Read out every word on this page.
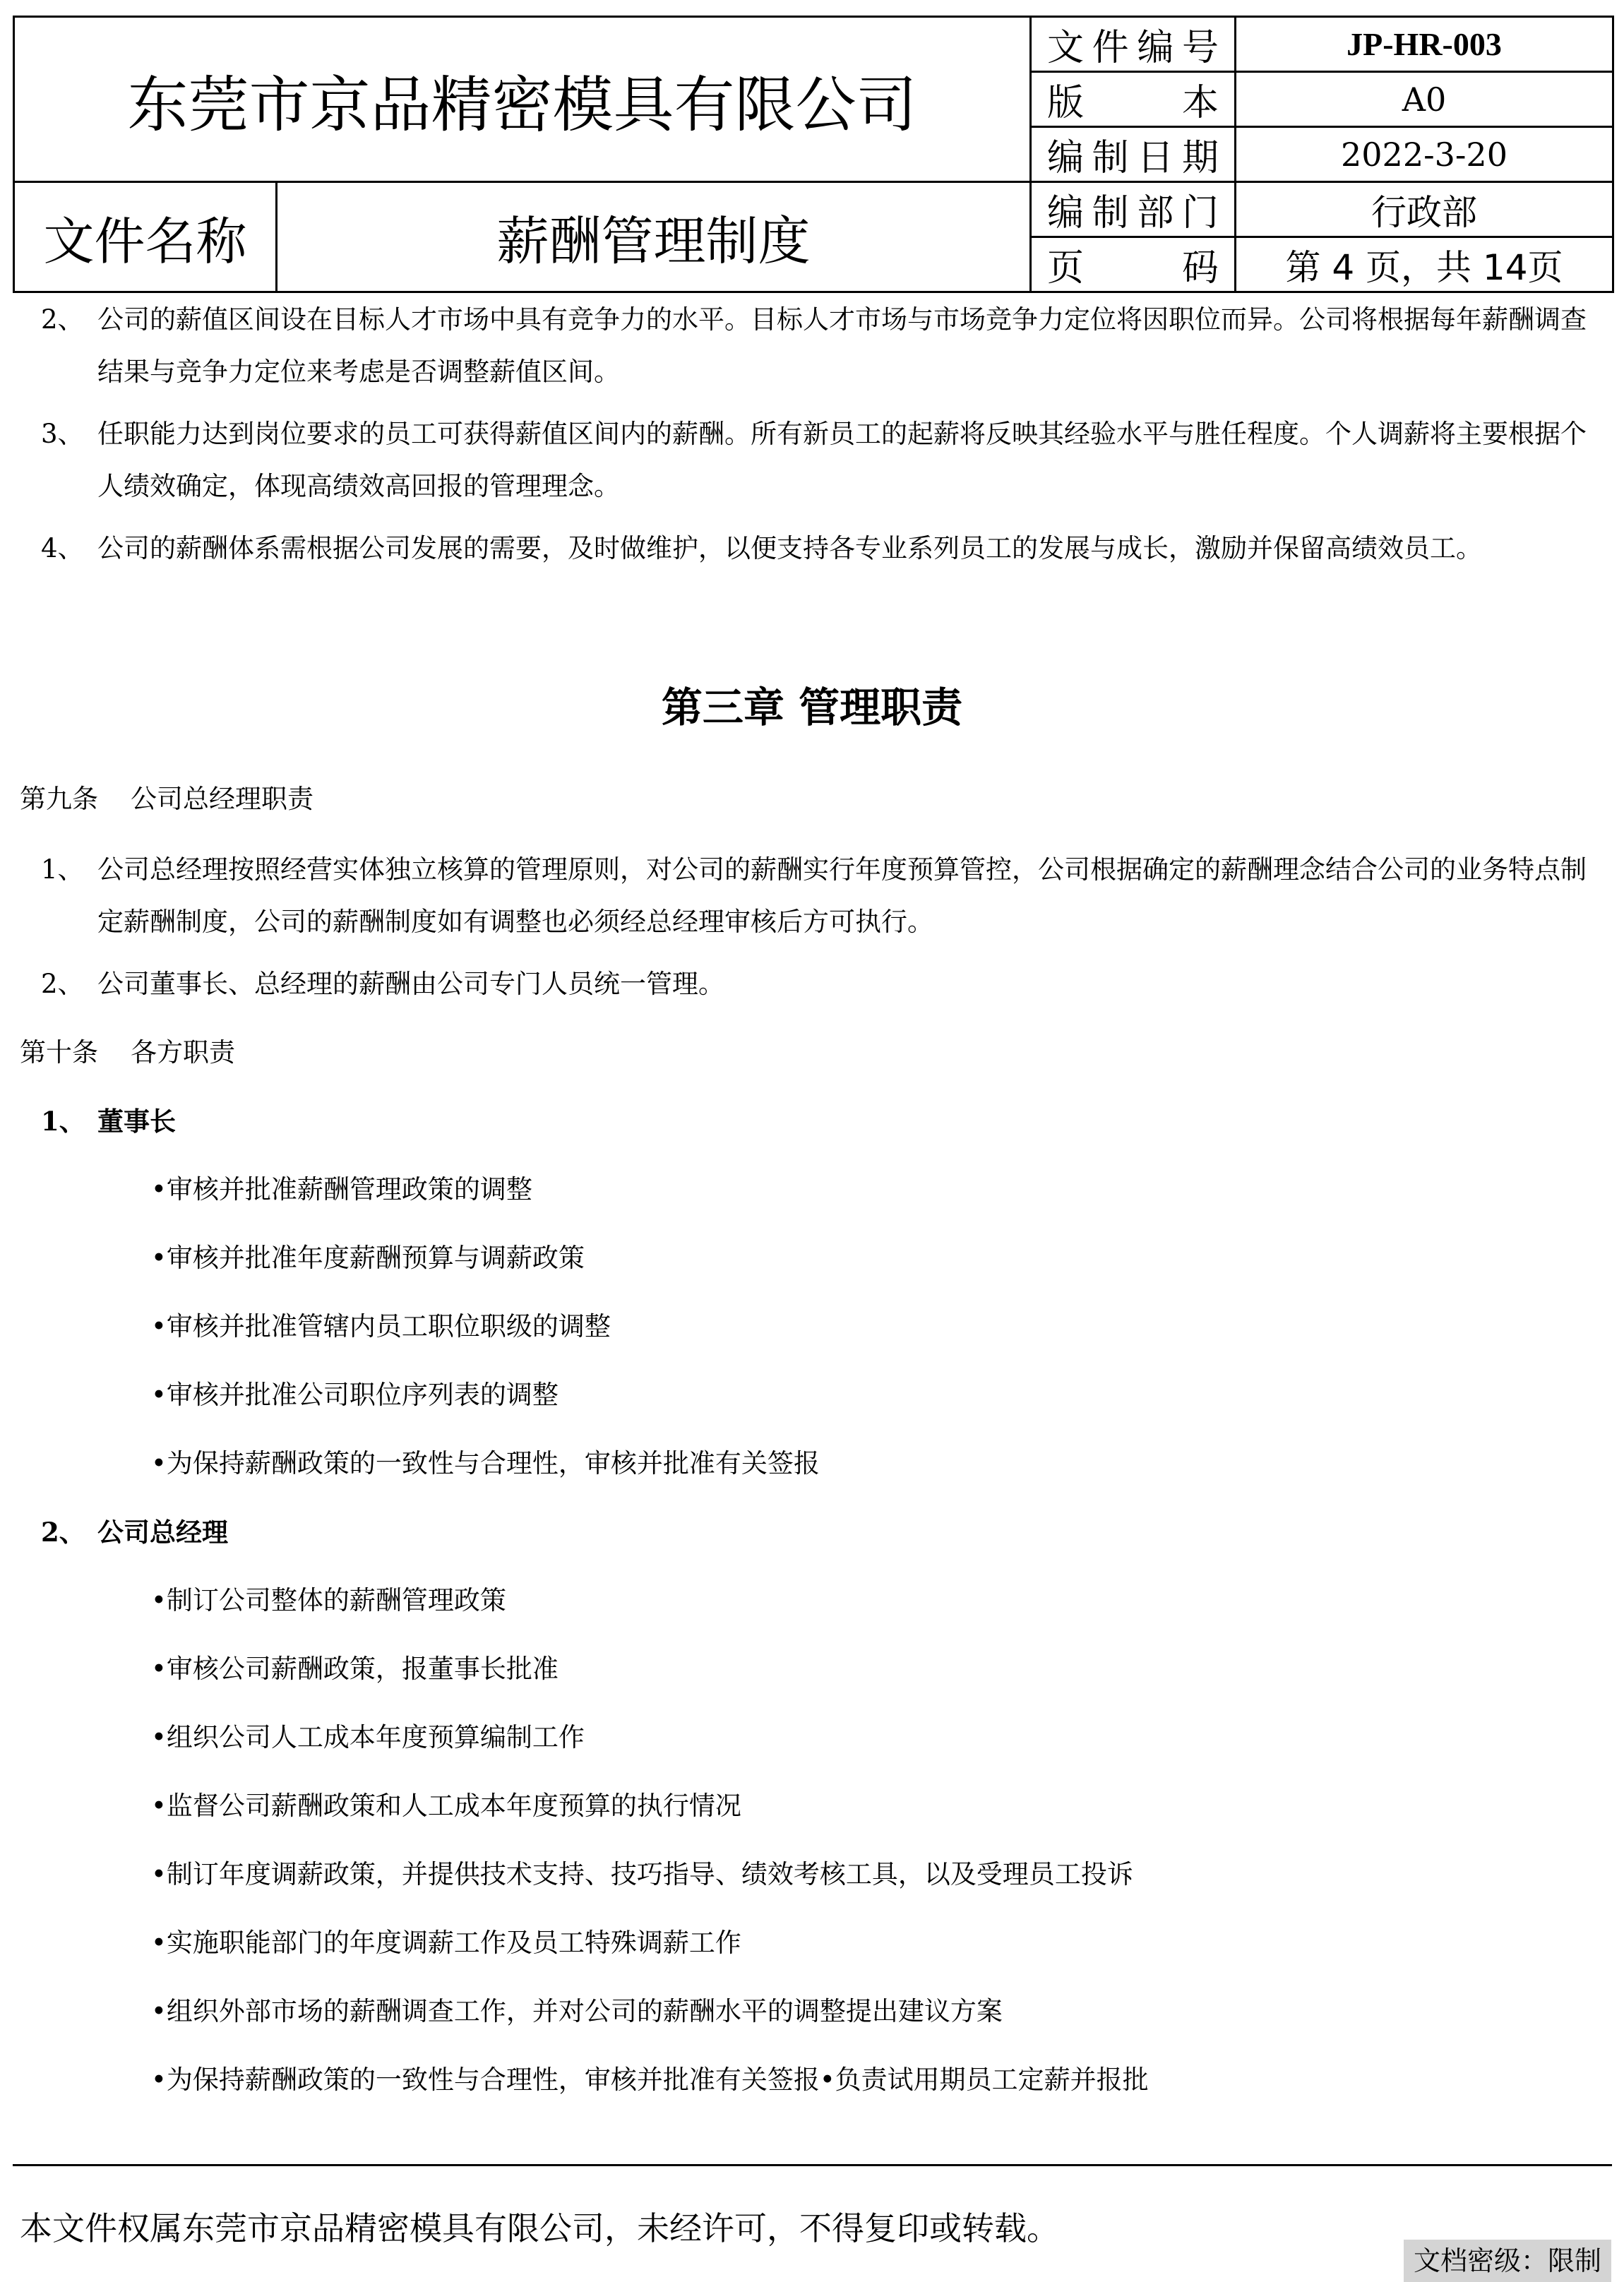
东莞市京品精密模具有限公司		文件编号	JP-HR-003
		版　　本	A0
		编制日期	2022-3-20
文件名称	薪酬管理制度	编制部门	行政部
		页　　码	第 4 页，共 14页
2、 公司的薪值区间设在目标人才市场中具有竞争力的水平。目标人才市场与市场竞争力定位将因职位而异。公司将根据每年薪酬调查结果与竞争力定位来考虑是否调整薪值区间。
3、 任职能力达到岗位要求的员工可获得薪值区间内的薪酬。所有新员工的起薪将反映其经验水平与胜任程度。个人调薪将主要根据个人绩效确定，体现高绩效高回报的管理理念。
4、 公司的薪酬体系需根据公司发展的需要，及时做维护，以便支持各专业系列员工的发展与成长，激励并保留高绩效员工。
第三章 管理职责
第九条 公司总经理职责
1、 公司总经理按照经营实体独立核算的管理原则，对公司的薪酬实行年度预算管控，公司根据确定的薪酬理念结合公司的业务特点制定薪酬制度，公司的薪酬制度如有调整也必须经总经理审核后方可执行。
2、 公司董事长、总经理的薪酬由公司专门人员统一管理。
第十条 各方职责
1、 董事长
•审核并批准薪酬管理政策的调整
•审核并批准年度薪酬预算与调薪政策
•审核并批准管辖内员工职位职级的调整
•审核并批准公司职位序列表的调整
•为保持薪酬政策的一致性与合理性，审核并批准有关签报
2、 公司总经理
•制订公司整体的薪酬管理政策
•审核公司薪酬政策，报董事长批准
•组织公司人工成本年度预算编制工作
•监督公司薪酬政策和人工成本年度预算的执行情况
•制订年度调薪政策，并提供技术支持、技巧指导、绩效考核工具，以及受理员工投诉
•实施职能部门的年度调薪工作及员工特殊调薪工作
•组织外部市场的薪酬调查工作，并对公司的薪酬水平的调整提出建议方案
•为保持薪酬政策的一致性与合理性，审核并批准有关签报•负责试用期员工定薪并报批
本文件权属东莞市京品精密模具有限公司，未经许可，不得复印或转载。
文档密级：限制
